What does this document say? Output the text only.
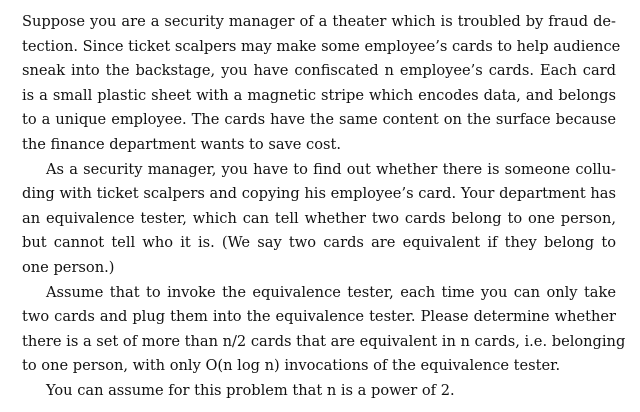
Suppose you are a security manager of a theater which is troubled by fraud de-
tection. Since ticket scalpers may make some employee’s cards to help audience
sneak into the backstage, you have confiscated n employee’s cards. Each card
is a small plastic sheet with a magnetic stripe which encodes data, and belongs
to a unique employee. The cards have the same content on the surface because
the finance department wants to save cost.
As a security manager, you have to find out whether there is someone collu-
ding with ticket scalpers and copying his employee’s card. Your department has
an equivalence tester, which can tell whether two cards belong to one person,
but cannot tell who it is. (We say two cards are equivalent if they belong to
one person.)
Assume that to invoke the equivalence tester, each time you can only take
two cards and plug them into the equivalence tester. Please determine whether
there is a set of more than n/2 cards that are equivalent in n cards, i.e. belonging
to one person, with only O(n log n) invocations of the equivalence tester.
You can assume for this problem that n is a power of 2.
